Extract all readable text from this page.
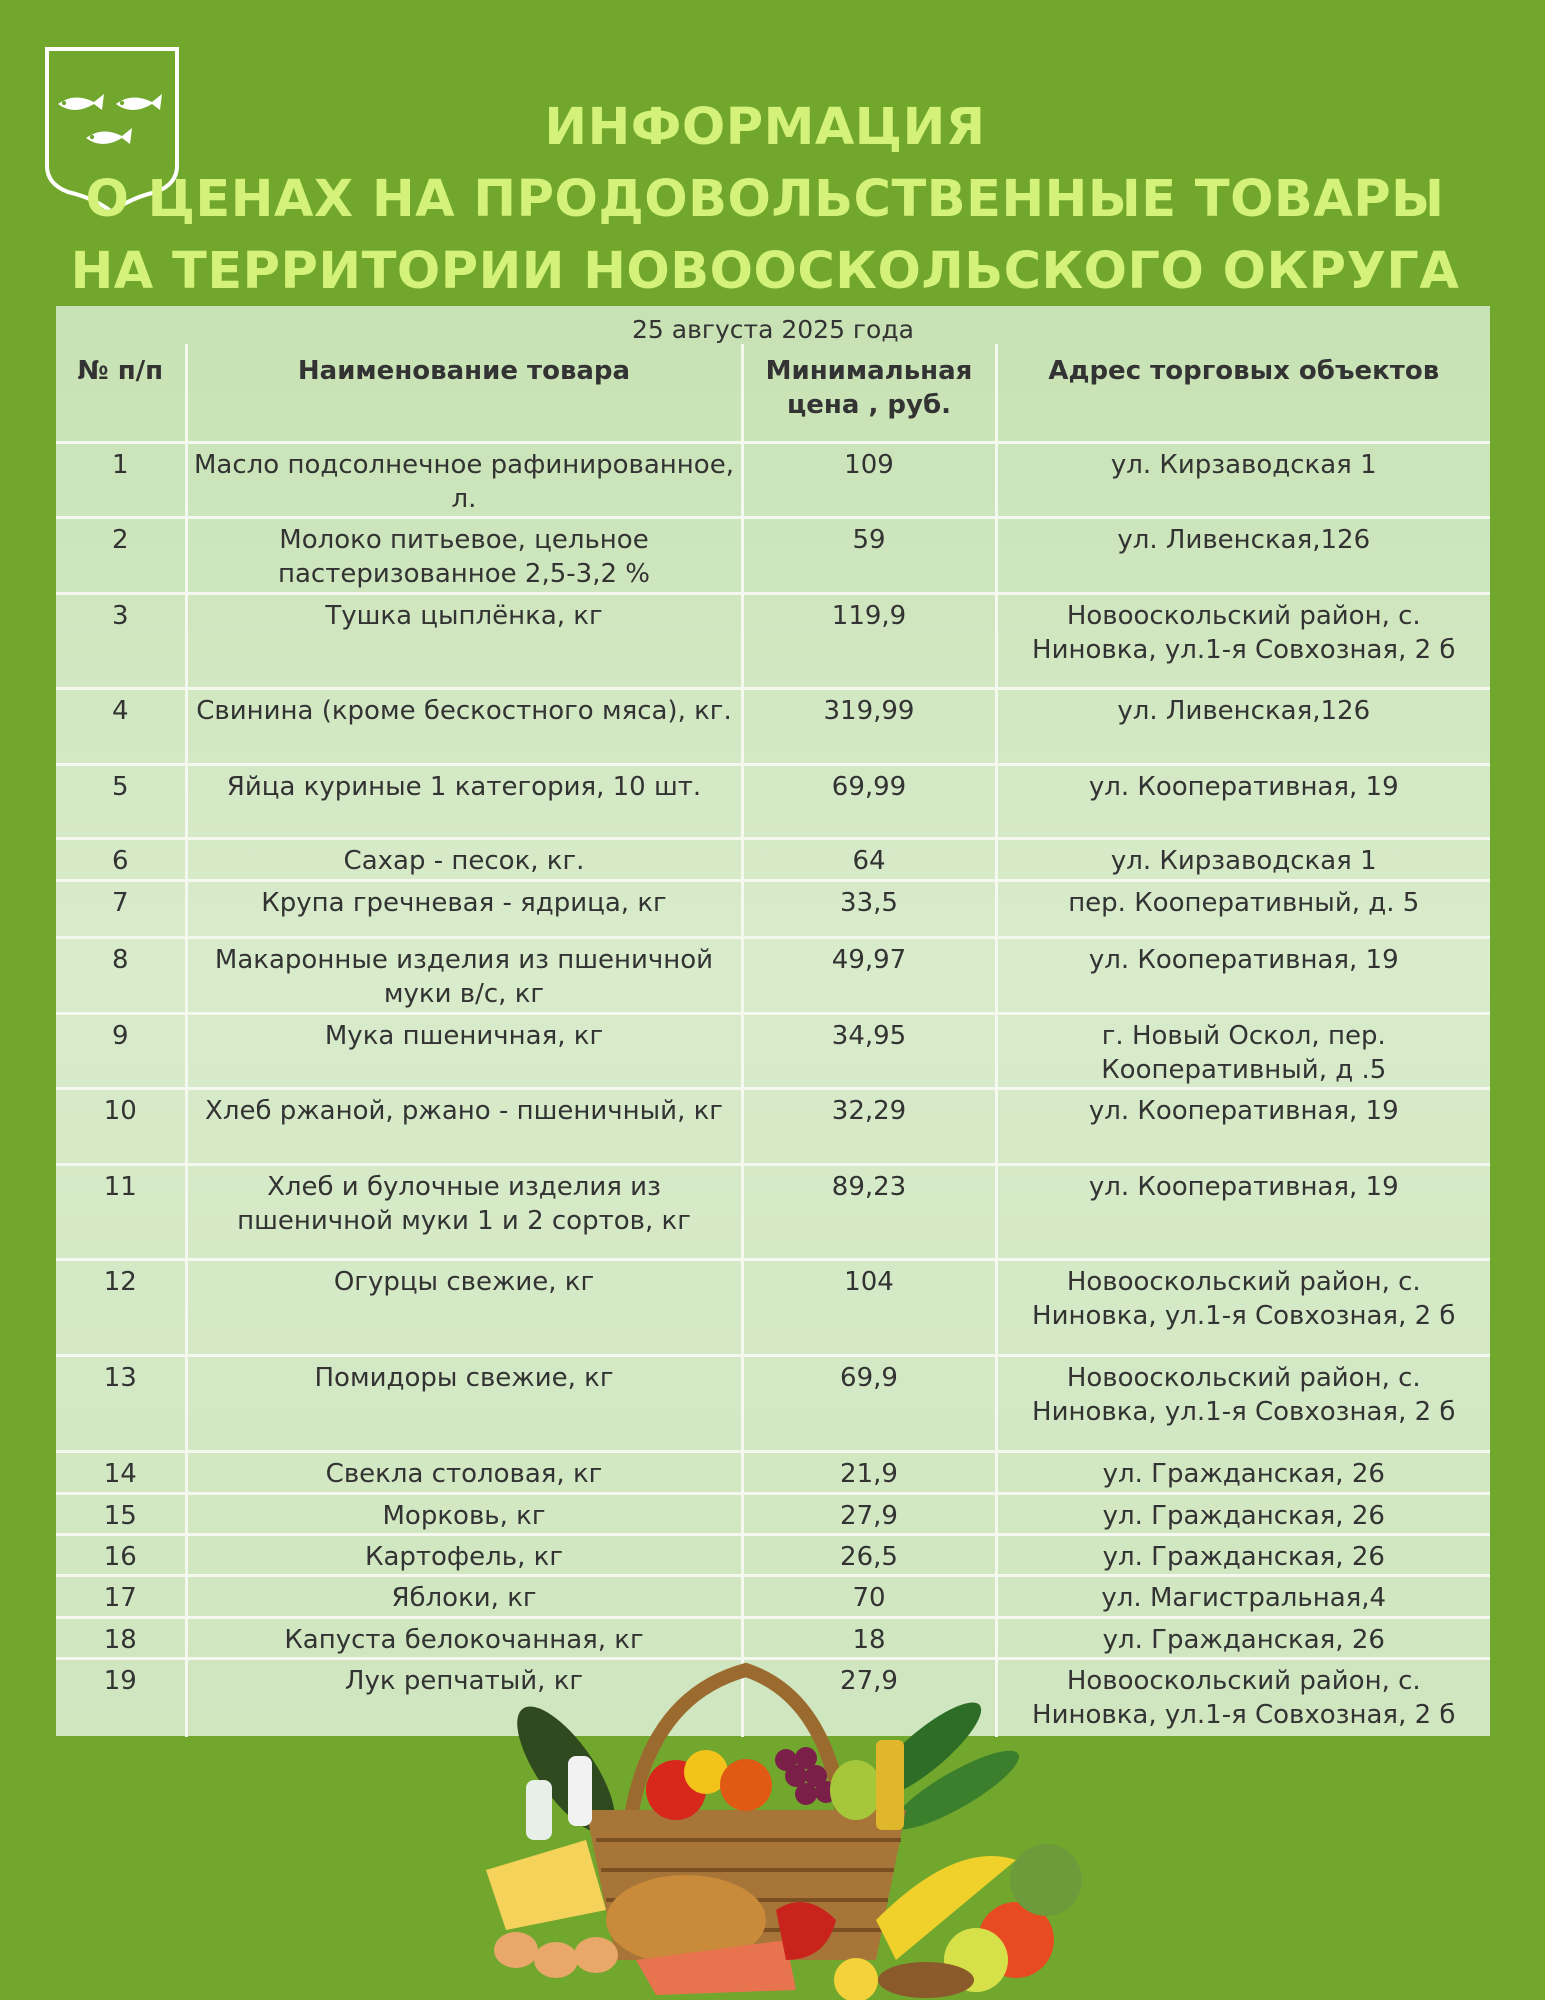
ИНФОРМАЦИЯ
О ЦЕНАХ НА ПРОДОВОЛЬСТВЕННЫЕ ТОВАРЫ
НА ТЕРРИТОРИИ НОВООСКОЛЬСКОГО ОКРУГА
25 августа 2025 года
№ п/п	Наименование товара	Минимальная цена , руб.	Адрес торговых объектов
1	Масло подсолнечное рафинированное, л.	109	ул. Кирзаводская 1
2	Молоко питьевое, цельное пастеризованное 2,5-3,2 %	59	ул. Ливенская,126
3	Тушка цыплёнка, кг	119,9	Новооскольский район, с. Ниновка, ул.1-я Совхозная, 2 б
4	Свинина (кроме бескостного мяса), кг.	319,99	ул. Ливенская,126
5	Яйца куриные 1 категория, 10 шт.	69,99	ул. Кооперативная, 19
6	Сахар - песок, кг.	64	ул. Кирзаводская 1
7	Крупа гречневая - ядрица, кг	33,5	пер. Кооперативный, д. 5
8	Макаронные изделия из пшеничной муки в/с, кг	49,97	ул. Кооперативная, 19
9	Мука пшеничная, кг	34,95	г. Новый Оскол, пер. Кооперативный, д .5
10	Хлеб ржаной, ржано - пшеничный, кг	32,29	ул. Кооперативная, 19
11	Хлеб и булочные изделия из пшеничной муки 1 и 2 сортов, кг	89,23	ул. Кооперативная, 19
12	Огурцы свежие, кг	104	Новооскольский район, с. Ниновка, ул.1-я Совхозная, 2 б
13	Помидоры свежие, кг	69,9	Новооскольский район, с. Ниновка, ул.1-я Совхозная, 2 б
14	Свекла столовая, кг	21,9	ул. Гражданская, 26
15	Морковь, кг	27,9	ул. Гражданская, 26
16	Картофель, кг	26,5	ул. Гражданская, 26
17	Яблоки, кг	70	ул. Магистральная,4
18	Капуста белокочанная, кг	18	ул. Гражданская, 26
19	Лук репчатый, кг	27,9	Новооскольский район, с. Ниновка, ул.1-я Совхозная, 2 б
